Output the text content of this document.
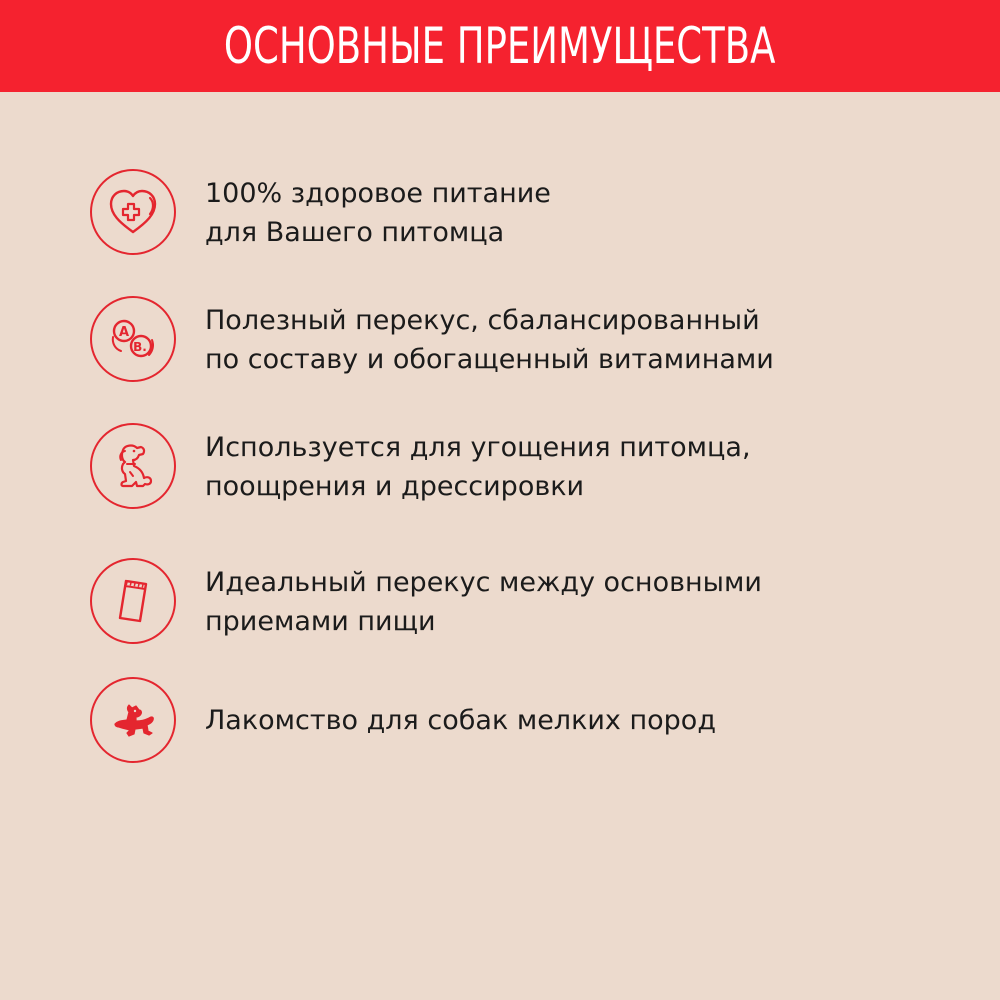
ОСНОВНЫЕ ПРЕИМУЩЕСТВА
100% здоровое питание
для Вашего питомца
A
B.
Полезный перекус, сбалансированный
по составу и обогащенный витаминами
Используется для угощения питомца,
поощрения и дрессировки
Идеальный перекус между основными
приемами пищи
Лакомство для собак мелких пород
